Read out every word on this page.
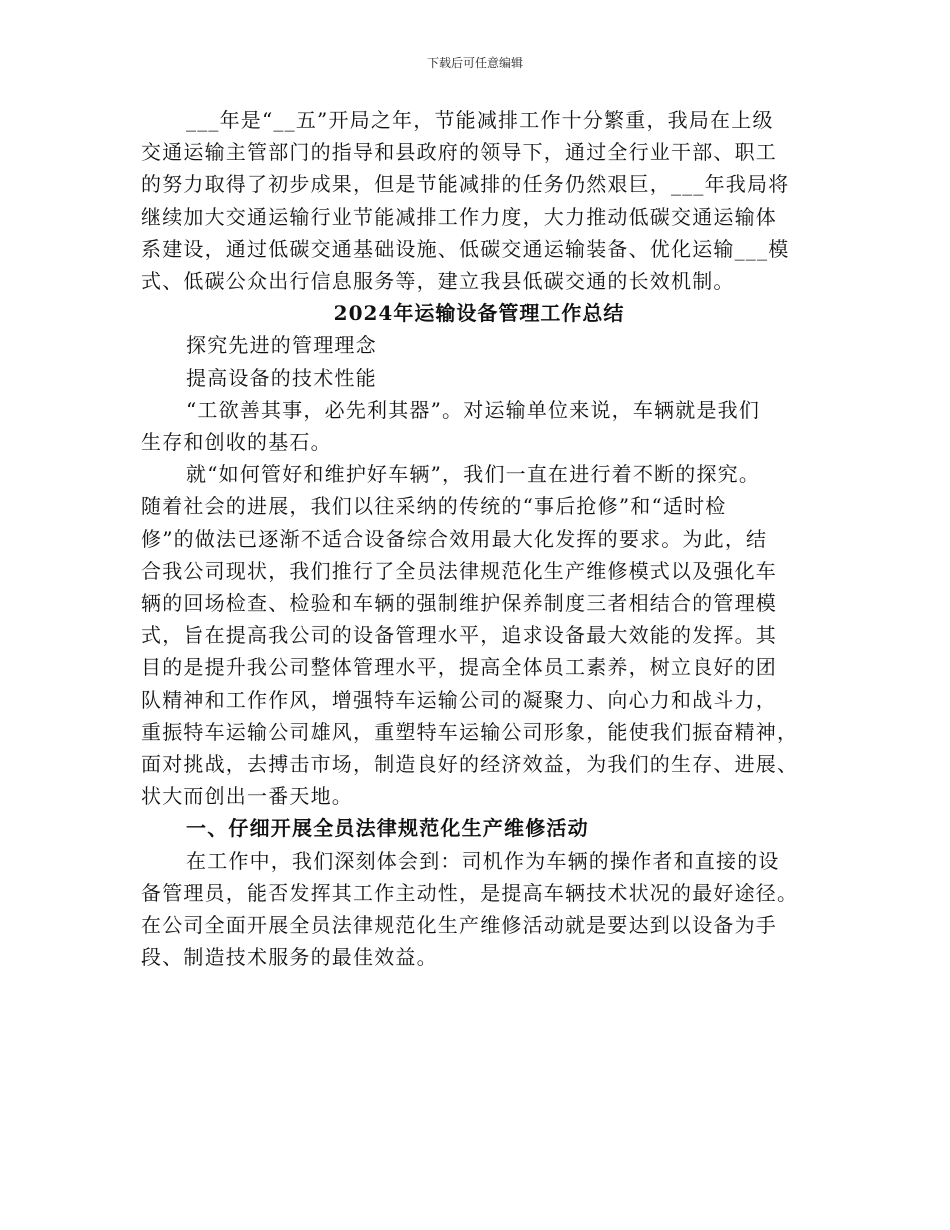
下载后可任意编辑
___年是“__五”开局之年，节能减排工作十分繁重，我局在上级
交通运输主管部门的指导和县政府的领导下，通过全行业干部、职工
的努力取得了初步成果，但是节能减排的任务仍然艰巨，___年我局将
继续加大交通运输行业节能减排工作力度，大力推动低碳交通运输体
系建设，通过低碳交通基础设施、低碳交通运输装备、优化运输___模
式、低碳公众出行信息服务等，建立我县低碳交通的长效机制。
2024年运输设备管理工作总结
探究先进的管理理念
提高设备的技术性能
“工欲善其事，必先利其器”。对运输单位来说，车辆就是我们
生存和创收的基石。
就“如何管好和维护好车辆”，我们一直在进行着不断的探究。
随着社会的进展，我们以往采纳的传统的“事后抢修”和“适时检
修”的做法已逐渐不适合设备综合效用最大化发挥的要求。为此，结
合我公司现状，我们推行了全员法律规范化生产维修模式以及强化车
辆的回场检查、检验和车辆的强制维护保养制度三者相结合的管理模
式，旨在提高我公司的设备管理水平，追求设备最大效能的发挥。其
目的是提升我公司整体管理水平，提高全体员工素养，树立良好的团
队精神和工作作风，增强特车运输公司的凝聚力、向心力和战斗力，
重振特车运输公司雄风，重塑特车运输公司形象，能使我们振奋精神，
面对挑战，去搏击市场，制造良好的经济效益，为我们的生存、进展、
状大而创出一番天地。
一、仔细开展全员法律规范化生产维修活动
在工作中，我们深刻体会到：司机作为车辆的操作者和直接的设
备管理员，能否发挥其工作主动性，是提高车辆技术状况的最好途径。
在公司全面开展全员法律规范化生产维修活动就是要达到以设备为手
段、制造技术服务的最佳效益。
